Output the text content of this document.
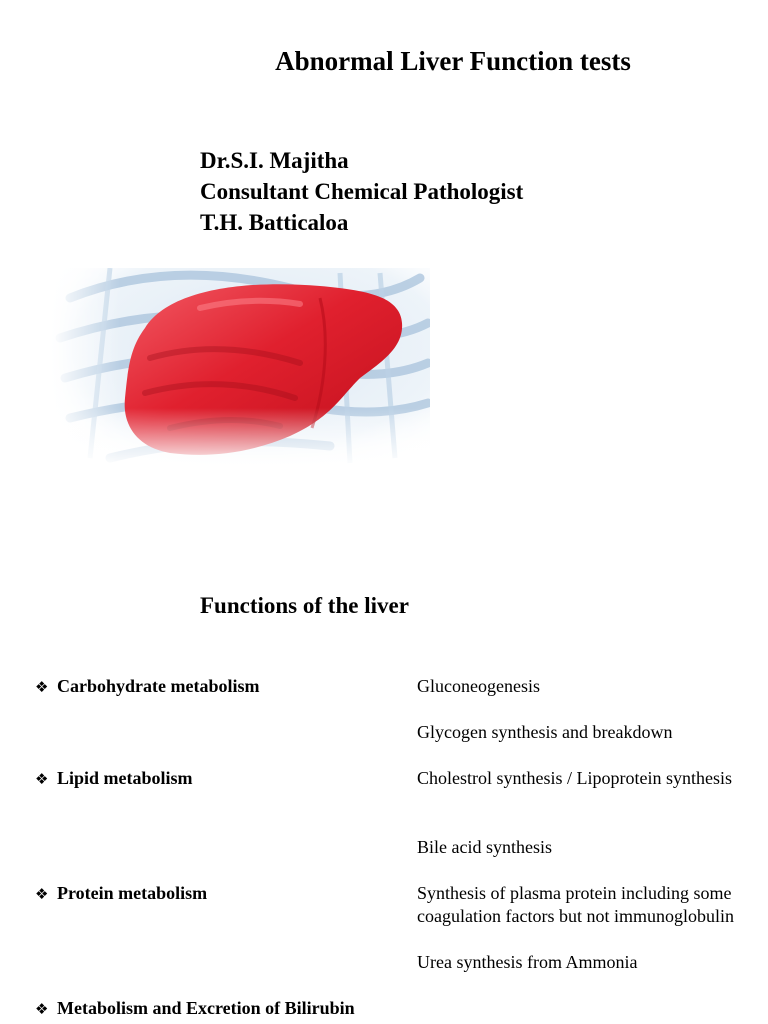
Abnormal Liver Function tests
Dr.S.I. Majitha
Consultant Chemical Pathologist
T.H. Batticaloa
Functions of the liver
❖ Carbohydrate metabolism	Gluconeogenesis
Glycogen synthesis and breakdown
❖ Lipid metabolism	Cholestrol synthesis / Lipoprotein synthesis
Bile acid synthesis
❖ Protein metabolism	Synthesis of plasma protein including some coagulation factors but not immunoglobulin
Urea synthesis from Ammonia
❖ Metabolism and Excretion of Bilirubin
